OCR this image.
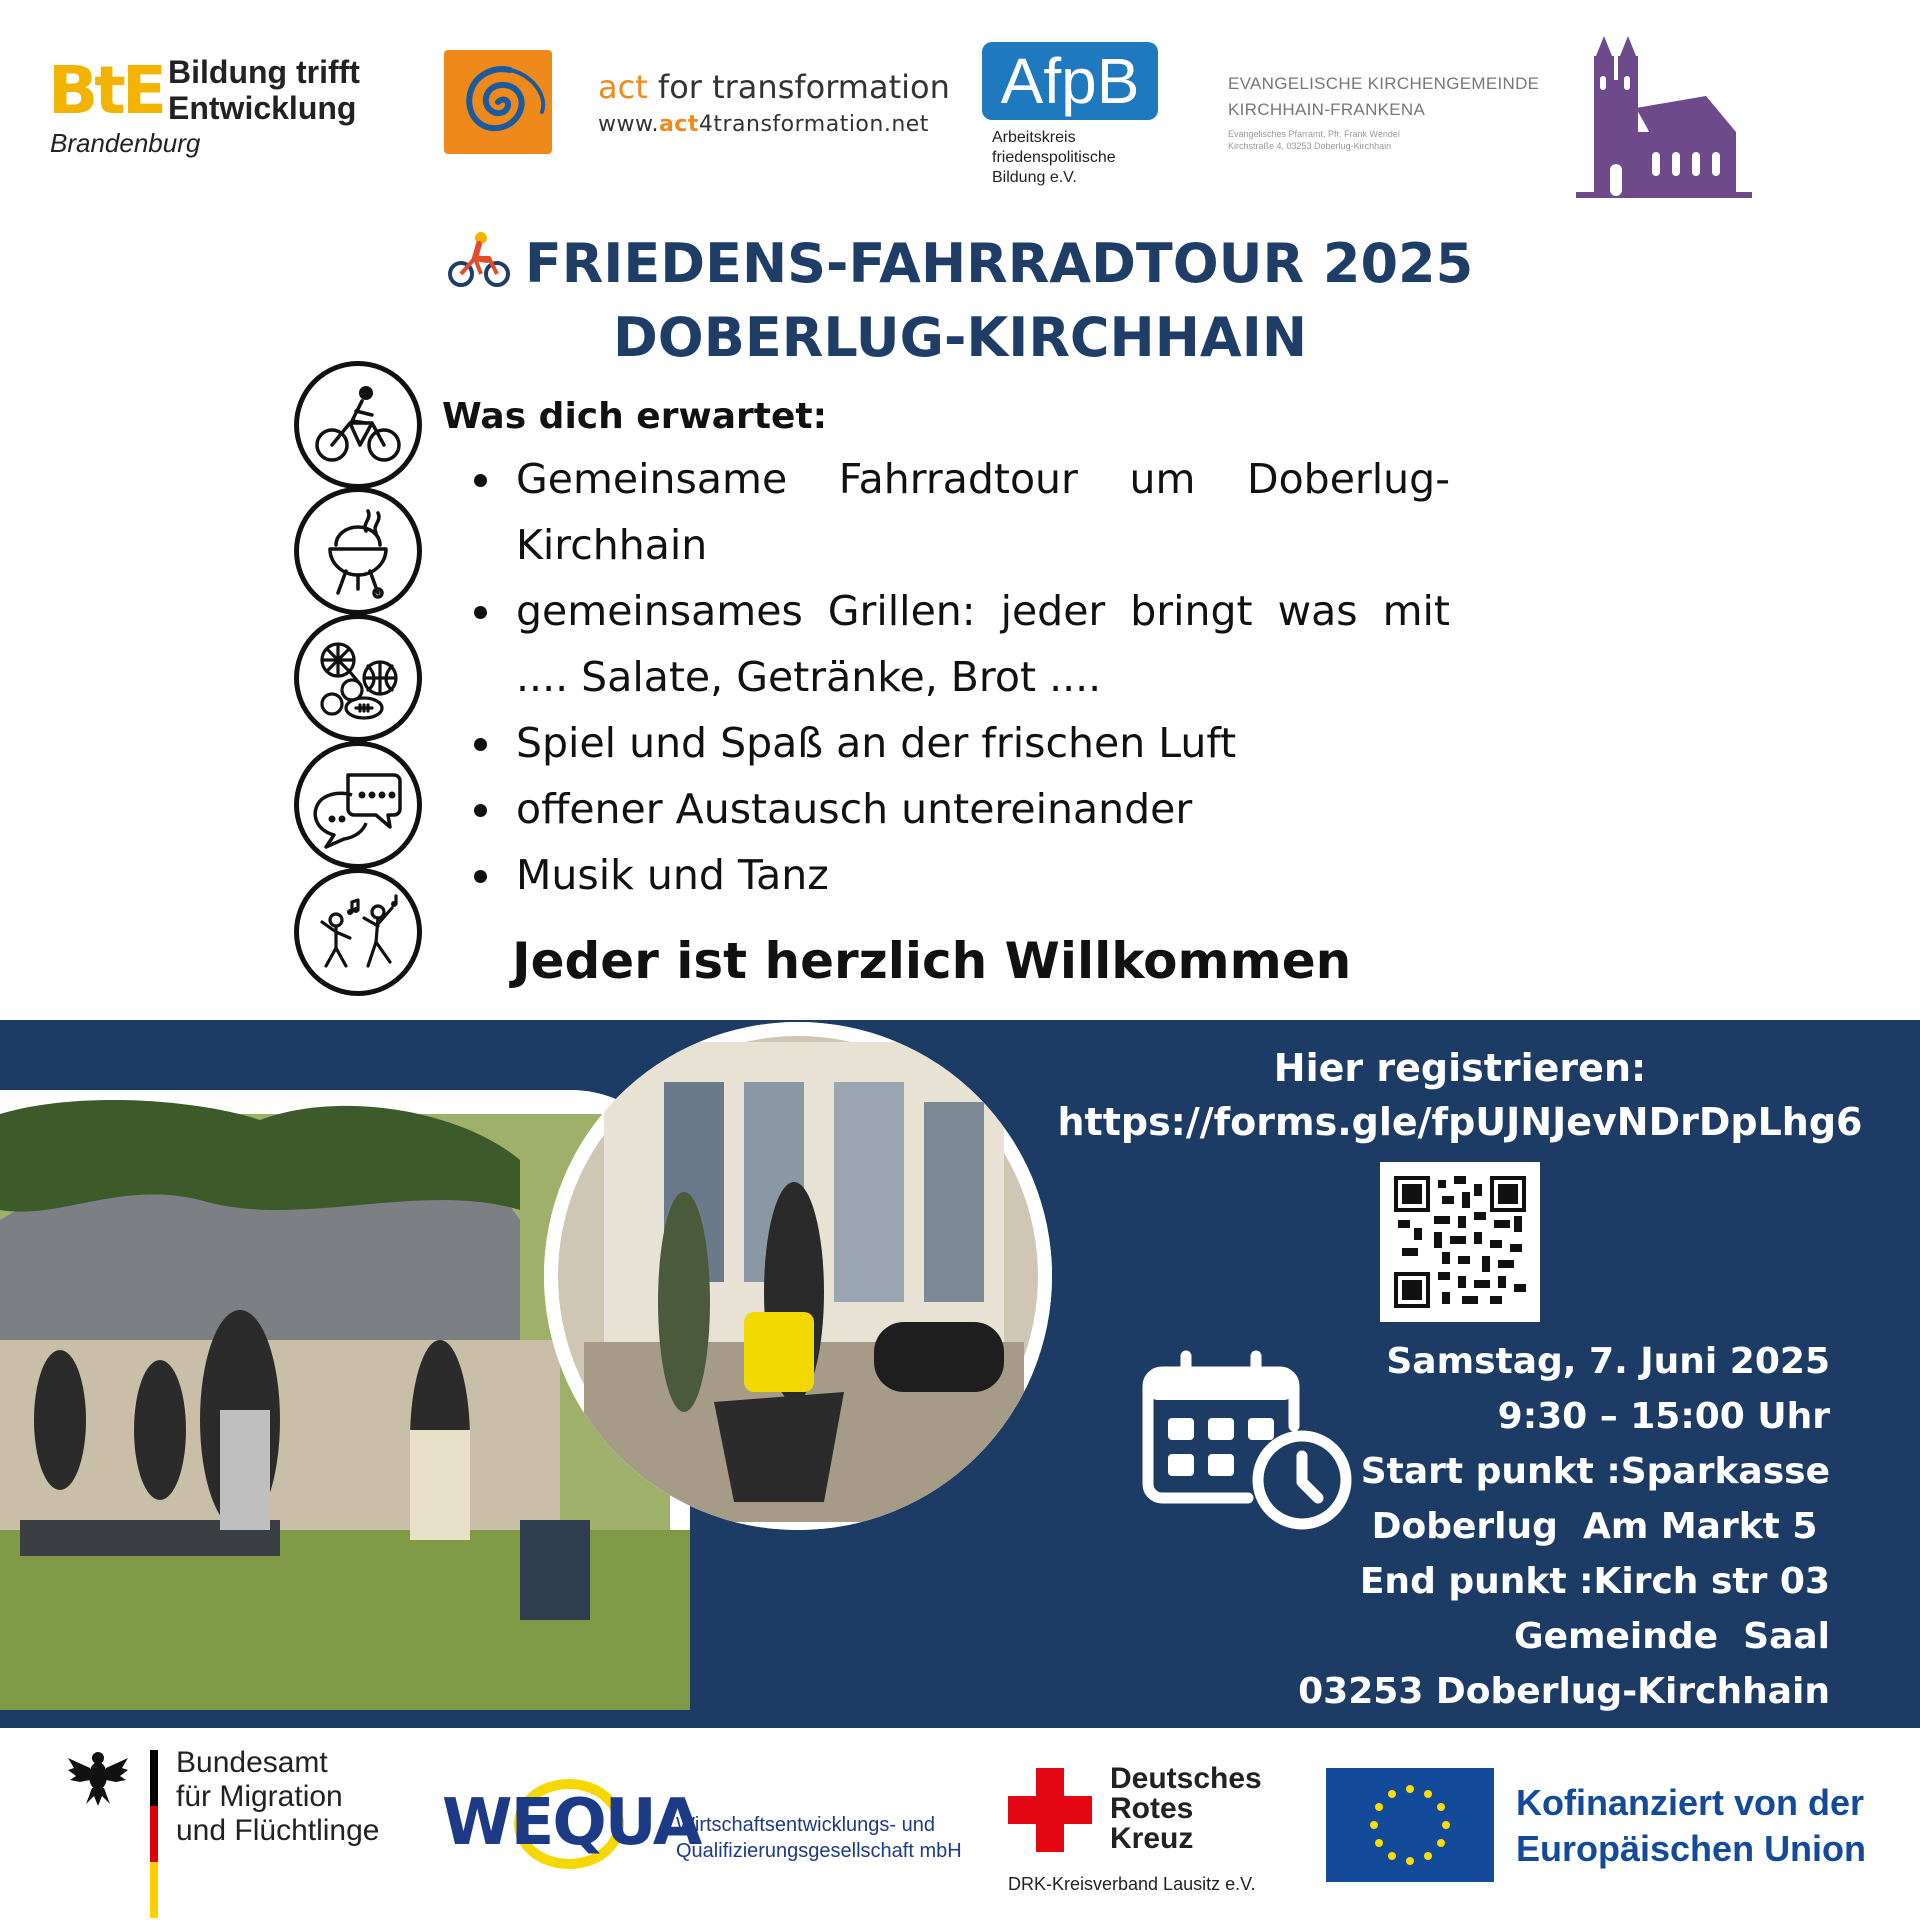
BtE Bildung trifft
Entwicklung
Brandenburg
act for transformation
www.act4transformation.net
AfpB
Arbeitskreis
friedenspolitische
Bildung e.V.
EVANGELISCHE KIRCHENGEMEINDE
KIRCHHAIN-FRANKENA
Evangelisches Pfarramt, Pfr. Frank Wendel
Kirchstraße 4, 03253 Doberlug-Kirchhain
FRIEDENS-FAHRRADTOUR 2025
DOBERLUG-KIRCHHAIN
Was dich erwartet:
Gemeinsame Fahrradtour um Doberlug-Kirchhain
gemeinsames Grillen: jeder bringt was mit .... Salate, Getränke, Brot ....
Spiel und Spaß an der frischen Luft
offener Austausch untereinander
Musik und Tanz
Jeder ist herzlich Willkommen
Hier registrieren:
https://forms.gle/fpUJNJevNDrDpLhg6
Samstag, 7. Juni 2025
9:30 – 15:00 Uhr
Start punkt :Sparkasse
Doberlug  Am Markt 5
End punkt :Kirch str 03
Gemeinde  Saal
03253 Doberlug-Kirchhain
Bundesamt
für Migration
und Flüchtlinge WEQUA
Wirtschaftsentwicklungs- und
Qualifizierungsgesellschaft mbH
Deutsches
Rotes
Kreuz
DRK-Kreisverband Lausitz e.V.
Kofinanziert von der
Europäischen Union
